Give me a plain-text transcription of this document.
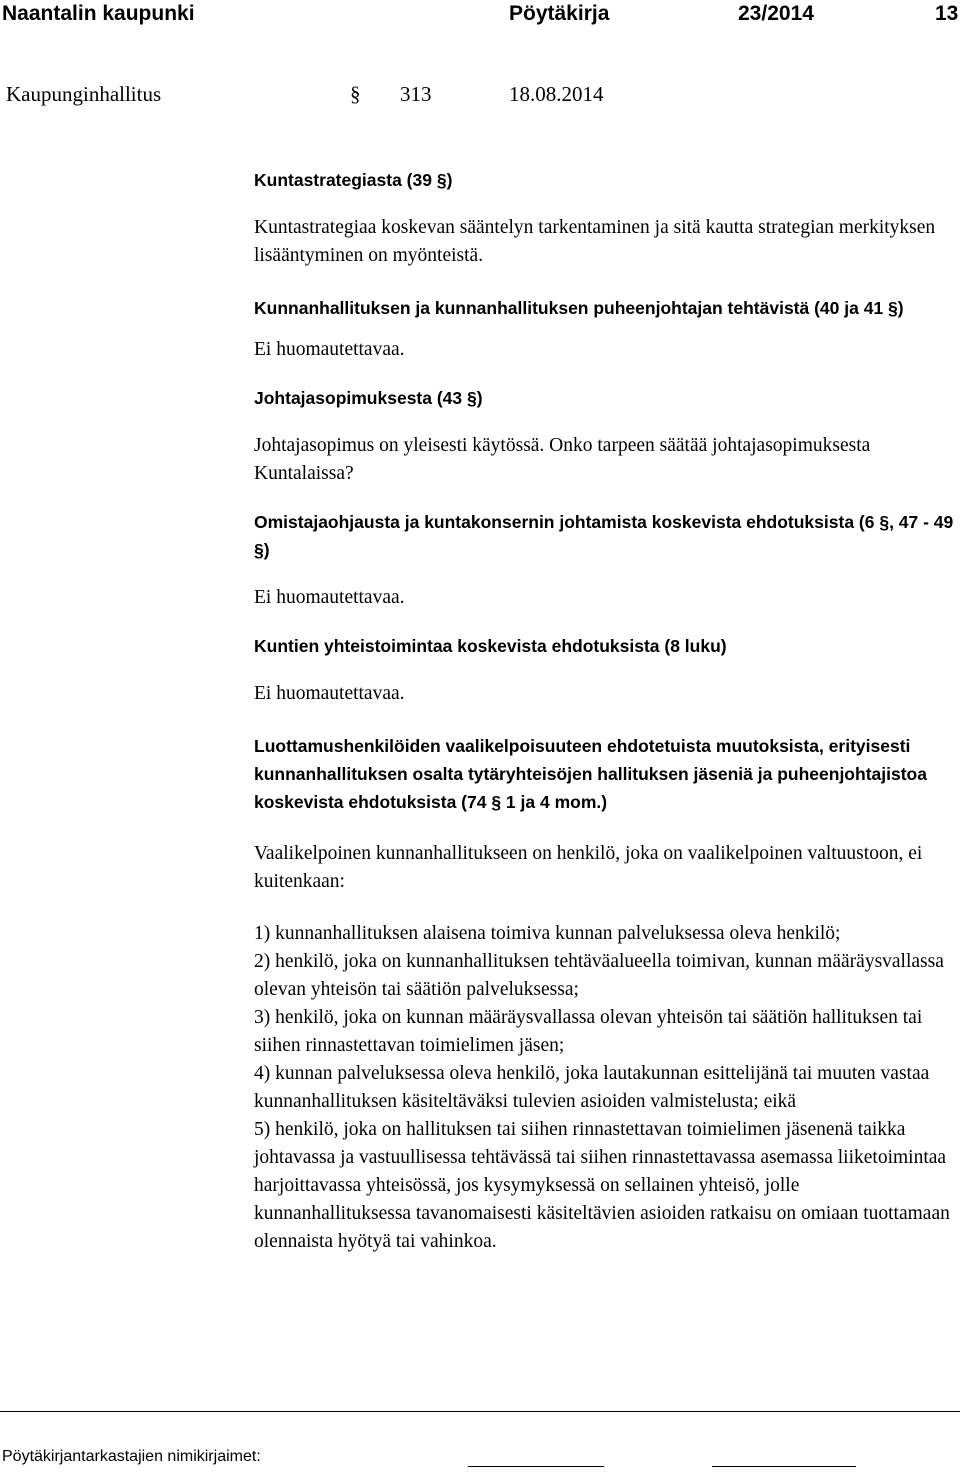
Naantalin kaupunki	Pöytäkirja	23/2014	13
Kaupunginhallitus	§ 313	18.08.2014

Kuntastrategiasta (39 §)

Kuntastrategiaa koskevan sääntelyn tarkentaminen ja sitä kautta strategian merkityksen lisääntyminen on myönteistä.

Kunnanhallituksen ja kunnanhallituksen puheenjohtajan tehtävistä (40 ja 41 §)

Ei huomautettavaa.

Johtajasopimuksesta (43 §)

Johtajasopimus on yleisesti käytössä. Onko tarpeen säätää johtajasopimuksesta Kuntalaissa?

Omistajaohjausta ja kuntakonsernin johtamista koskevista ehdotuksista (6 §, 47 - 49 §)

Ei huomautettavaa.

Kuntien yhteistoimintaa koskevista ehdotuksista (8 luku)

Ei huomautettavaa.

Luottamushenkilöiden vaalikelpoisuuteen ehdotetuista muutoksista, erityisesti kunnanhallituksen osalta tytäryhteisöjen hallituksen jäseniä ja puheenjohtajistoa koskevista ehdotuksista (74 § 1 ja 4 mom.)

Vaalikelpoinen kunnanhallitukseen on henkilö, joka on vaalikelpoinen valtuustoon, ei kuitenkaan:

1) kunnanhallituksen alaisena toimiva kunnan palveluksessa oleva henkilö;

2) henkilö, joka on kunnanhallituksen tehtäväalueella toimivan, kunnan määräysvallassa olevan yhteisön tai säätiön palveluksessa;

3) henkilö, joka on kunnan määräysvallassa olevan yhteisön tai säätiön hallituksen tai siihen rinnastettavan toimielimen jäsen;

4) kunnan palveluksessa oleva henkilö, joka lautakunnan esittelijänä tai muuten vastaa kunnanhallituksen käsiteltäväksi tulevien asioiden valmistelusta; eikä

5) henkilö, joka on hallituksen tai siihen rinnastettavan toimielimen jäsenenä taikka johtavassa ja vastuullisessa tehtävässä tai siihen rinnastettavassa asemassa liiketoimintaa harjoittavassa yhteisössä, jos kysymyksessä on sellainen yhteisö, jolle kunnanhallituksessa tavanomaisesti käsiteltävien asioiden ratkaisu on omiaan tuottamaan olennaista hyötyä tai vahinkoa.

Pöytäkirjantarkastajien nimikirjaimet:
